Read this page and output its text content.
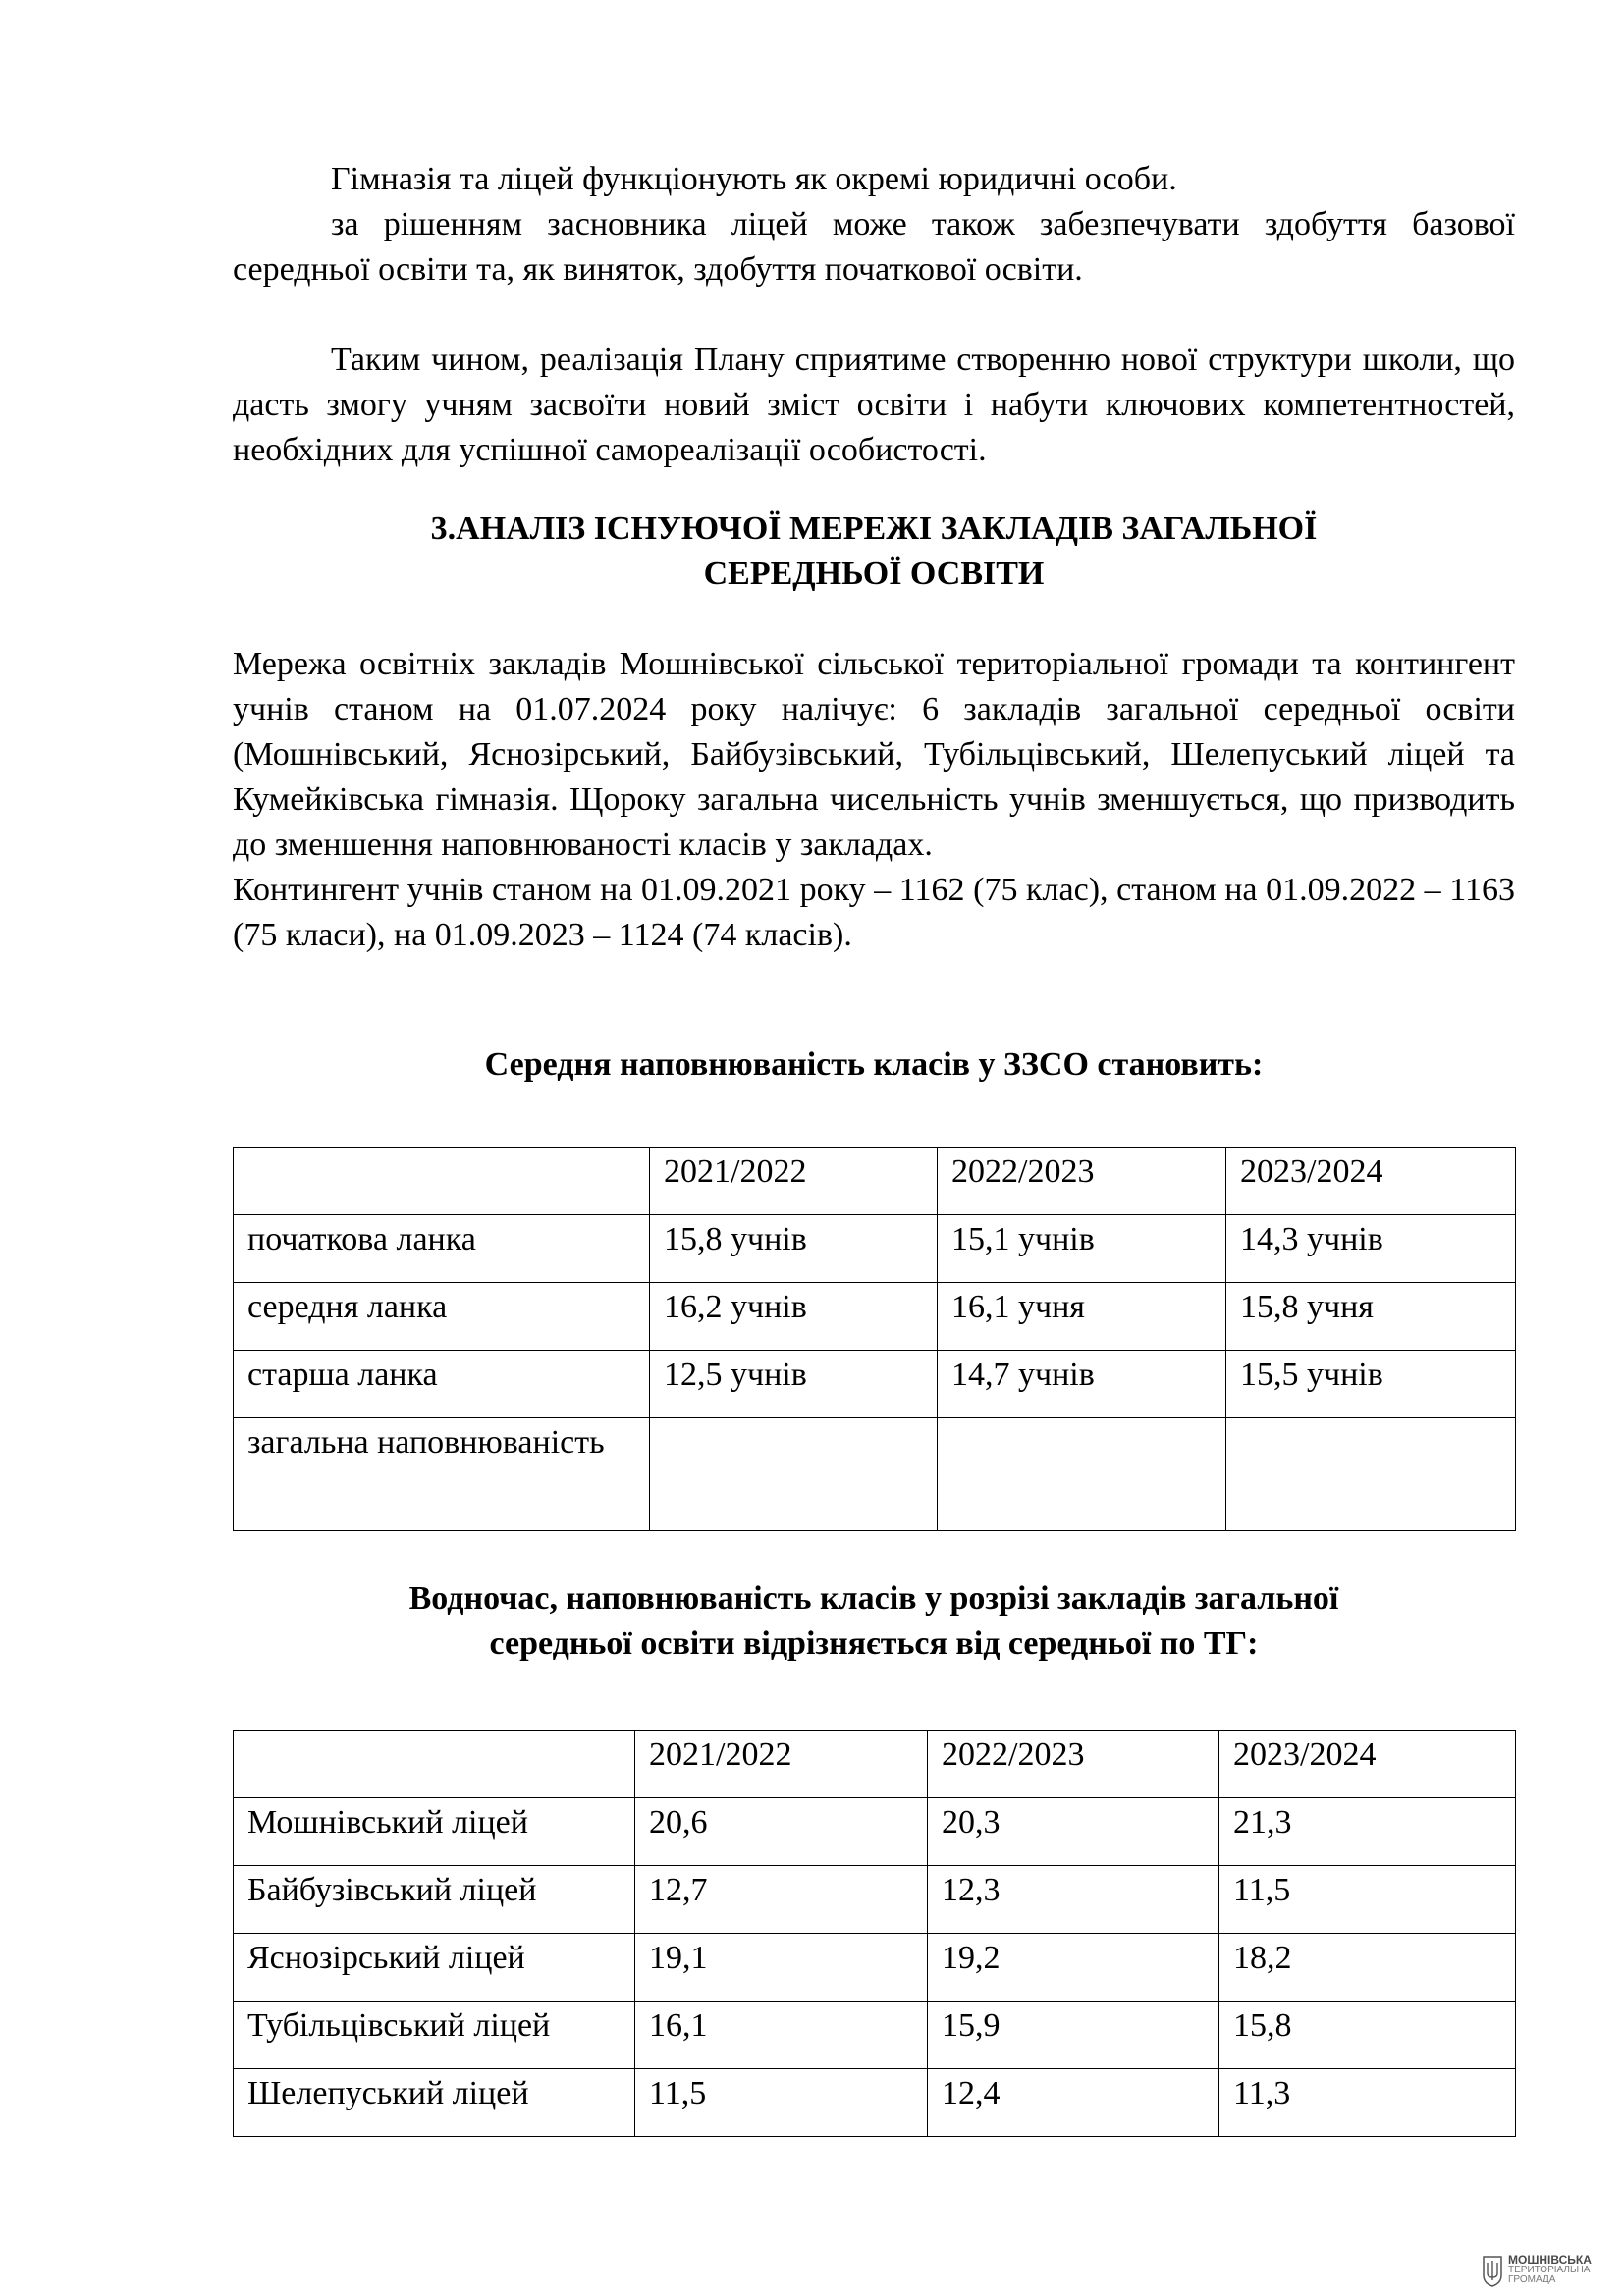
Гімназія та ліцей функціонують як окремі юридичні особи.

за рішенням засновника ліцей може також забезпечувати здобуття базової середньої освіти та, як виняток, здобуття початкової освіти.

Таким чином, реалізація Плану сприятиме створенню нової структури школи, що дасть змогу учням засвоїти новий зміст освіти і набути ключових компетентностей, необхідних для успішної самореалізації особистості.

3.АНАЛІЗ ІСНУЮЧОЇ МЕРЕЖІ ЗАКЛАДІВ ЗАГАЛЬНОЇ

СЕРЕДНЬОЇ ОСВІТИ

Мережа освітніх закладів Мошнівської сільської територіальної громади та контингент учнів станом на 01.07.2024 року налічує: 6 закладів загальної середньої освіти (Мошнівський, Яснозірський, Байбузівський, Тубільцівський, Шелепуський ліцей та Кумейківська гімназія. Щороку загальна чисельність учнів зменшується, що призводить до зменшення наповнюваності класів у закладах.

Контингент учнів станом на 01.09.2021 року – 1162 (75 клас), станом на 01.09.2022 – 1163 (75 класи), на 01.09.2023 – 1124 (74 класів).

Середня наповнюваність класів у ЗЗСО становить:

	2021/2022	2022/2023	2023/2024
початкова ланка	15,8 учнів	15,1 учнів	14,3 учнів
середня ланка	16,2 учнів	16,1 учня	15,8 учня
старша ланка	12,5 учнів	14,7 учнів	15,5 учнів
загальна наповнюваність			

Водночас, наповнюваність класів у розрізі закладів загальної

середньої освіти відрізняється від середньої по ТГ:

	2021/2022	2022/2023	2023/2024
Мошнівський ліцей	20,6	20,3	21,3
Байбузівський ліцей	12,7	12,3	11,5
Яснозірський ліцей	19,1	19,2	18,2
Тубільцівський ліцей	16,1	15,9	15,8
Шелепуський ліцей	11,5	12,4	11,3
МОШНІВСЬКА
ТЕРИТОРІАЛЬНА
ГРОМАДА
